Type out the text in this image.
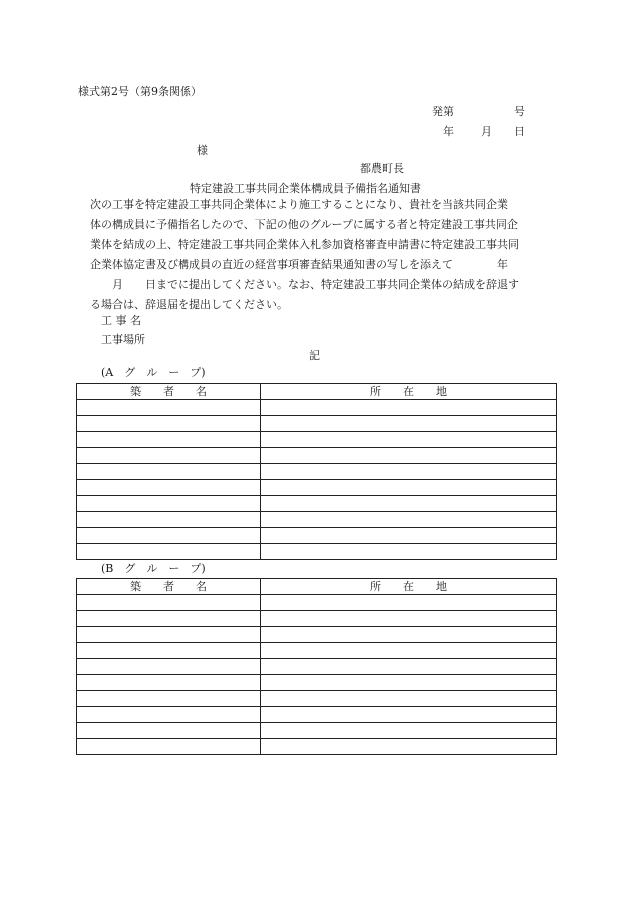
様式第2号（第9条関係）
発第	号
年 月 日
様
都農町長
特定建設工事共同企業体構成員予備指名通知書
次の工事を特定建設工事共同企業体により施工することになり、貴社を当該共同企業
体の構成員に予備指名したので、下記の他のグループに属する者と特定建設工事共同企
業体を結成の上、特定建設工事共同企業体入札参加資格審査申請書に特定建設工事共同
企業体協定書及び構成員の直近の経営事項審査結果通知書の写しを添えて　　　　年
　　月　　日までに提出してください。なお、特定建設工事共同企業体の結成を辞退す
る場合は、辞退届を提出してください。
工 事 名
工事場所
記
(A　グ　ル　ー　プ)
築　　者　　名	所　　在　　地

(B　グ　ル　ー　プ)
築　　者　　名	所　　在　　地
